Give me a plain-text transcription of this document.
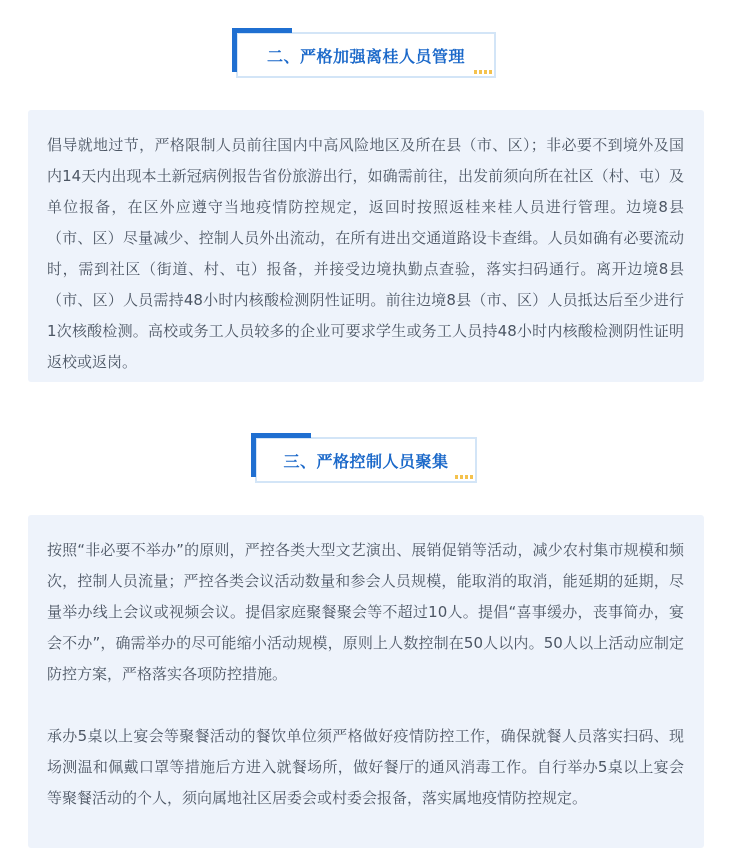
二、严格加强离桂人员管理

倡导就地过节，严格限制人员前往国内中高风险地区及所在县（市、区）；非必要不到境外及国内14天内出现本土新冠病例报告省份旅游出行，如确需前往，出发前须向所在社区（村、屯）及单位报备，在区外应遵守当地疫情防控规定，返回时按照返桂来桂人员进行管理。边境8县（市、区）尽量减少、控制人员外出流动，在所有进出交通道路设卡查缉。人员如确有必要流动时，需到社区（街道、村、屯）报备，并接受边境执勤点查验，落实扫码通行。离开边境8县（市、区）人员需持48小时内核酸检测阴性证明。前往边境8县（市、区）人员抵达后至少进行1次核酸检测。高校或务工人员较多的企业可要求学生或务工人员持48小时内核酸检测阴性证明返校或返岗。

三、严格控制人员聚集

按照“非必要不举办”的原则，严控各类大型文艺演出、展销促销等活动，减少农村集市规模和频次，控制人员流量；严控各类会议活动数量和参会人员规模，能取消的取消，能延期的延期，尽量举办线上会议或视频会议。提倡家庭聚餐聚会等不超过10人。提倡“喜事缓办，丧事简办，宴会不办”，确需举办的尽可能缩小活动规模，原则上人数控制在50人以内。50人以上活动应制定防控方案，严格落实各项防控措施。

承办5桌以上宴会等聚餐活动的餐饮单位须严格做好疫情防控工作，确保就餐人员落实扫码、现场测温和佩戴口罩等措施后方进入就餐场所，做好餐厅的通风消毒工作。自行举办5桌以上宴会等聚餐活动的个人，须向属地社区居委会或村委会报备，落实属地疫情防控规定。
